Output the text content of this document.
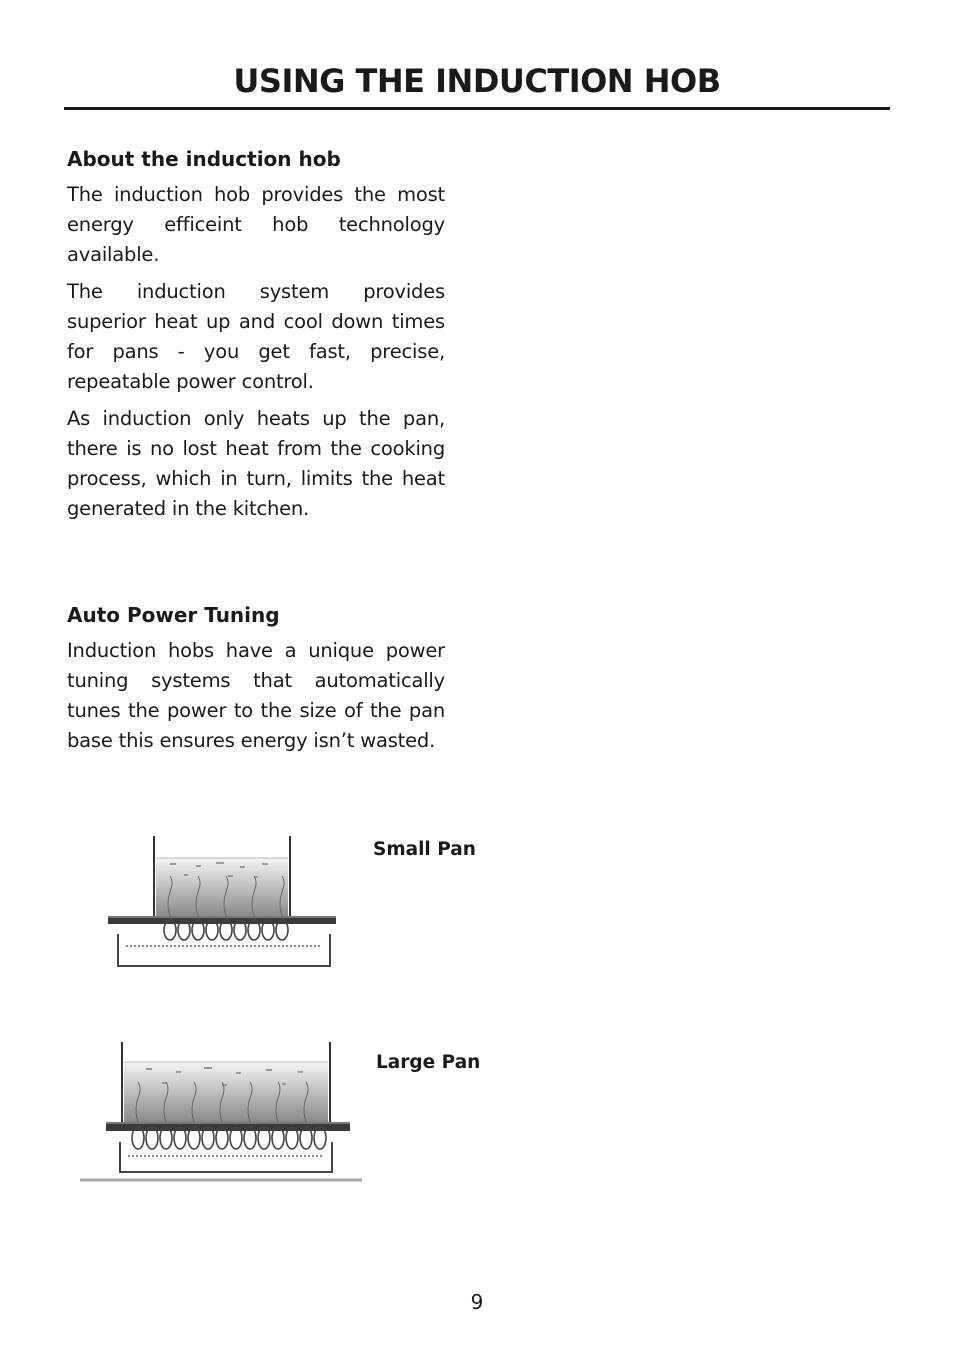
USING THE INDUCTION HOB
About the induction hob

The induction hob provides the most energy efficeint hob technology available.

The induction system provides superior heat up and cool down times for pans - you get fast, precise, repeatable power control.

As induction only heats up the pan, there is no lost heat from the cooking process, which in turn, limits the heat generated in the kitchen.

Auto Power Tuning

Induction hobs have a unique power tuning systems that automatically tunes the power to the size of the pan base this ensures energy isn’t wasted.

Small Pan

Large Pan

9
